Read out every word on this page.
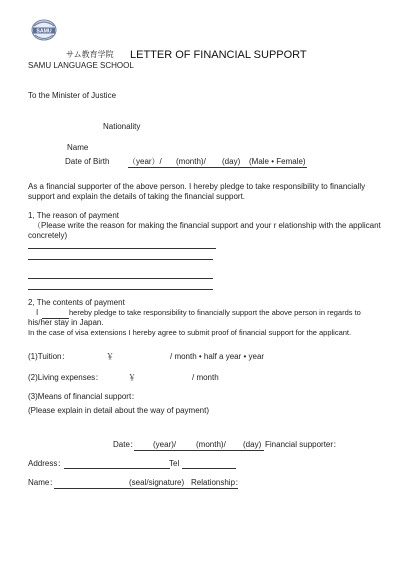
SAMU
サム教育学院 LETTER OF FINANCIAL SUPPORT
SAMU LANGUAGE SCHOOL
To the Minister of Justice
Nationality
Name
Date of Birth （year）/ (month)/ (day) (Male • Female)
As a financial supporter of the above person. I hereby pledge to take responsibility to financially
support and explain the details of taking the financial support.
1, The reason of payment
（Please write the reason for making the financial support and your r elationship with the applicant
concretely)
2, The contents of payment
I	hereby pledge to take responsibility to financially support the above person in regards to
his/her stay in Japan.
In the case of visa extensions I hereby agree to submit proof of financial support for the applicant.
(1)Tuition：	￥	/ month • half a year • year
(2)Living expenses：	￥	/ month
(3)Means of financial support：
(Please explain in detail about the way of payment)
Date： (year)/ (month)/ (day) Financial supporter：
Address：	Tel
Name：	(seal/signature) Relationship：
